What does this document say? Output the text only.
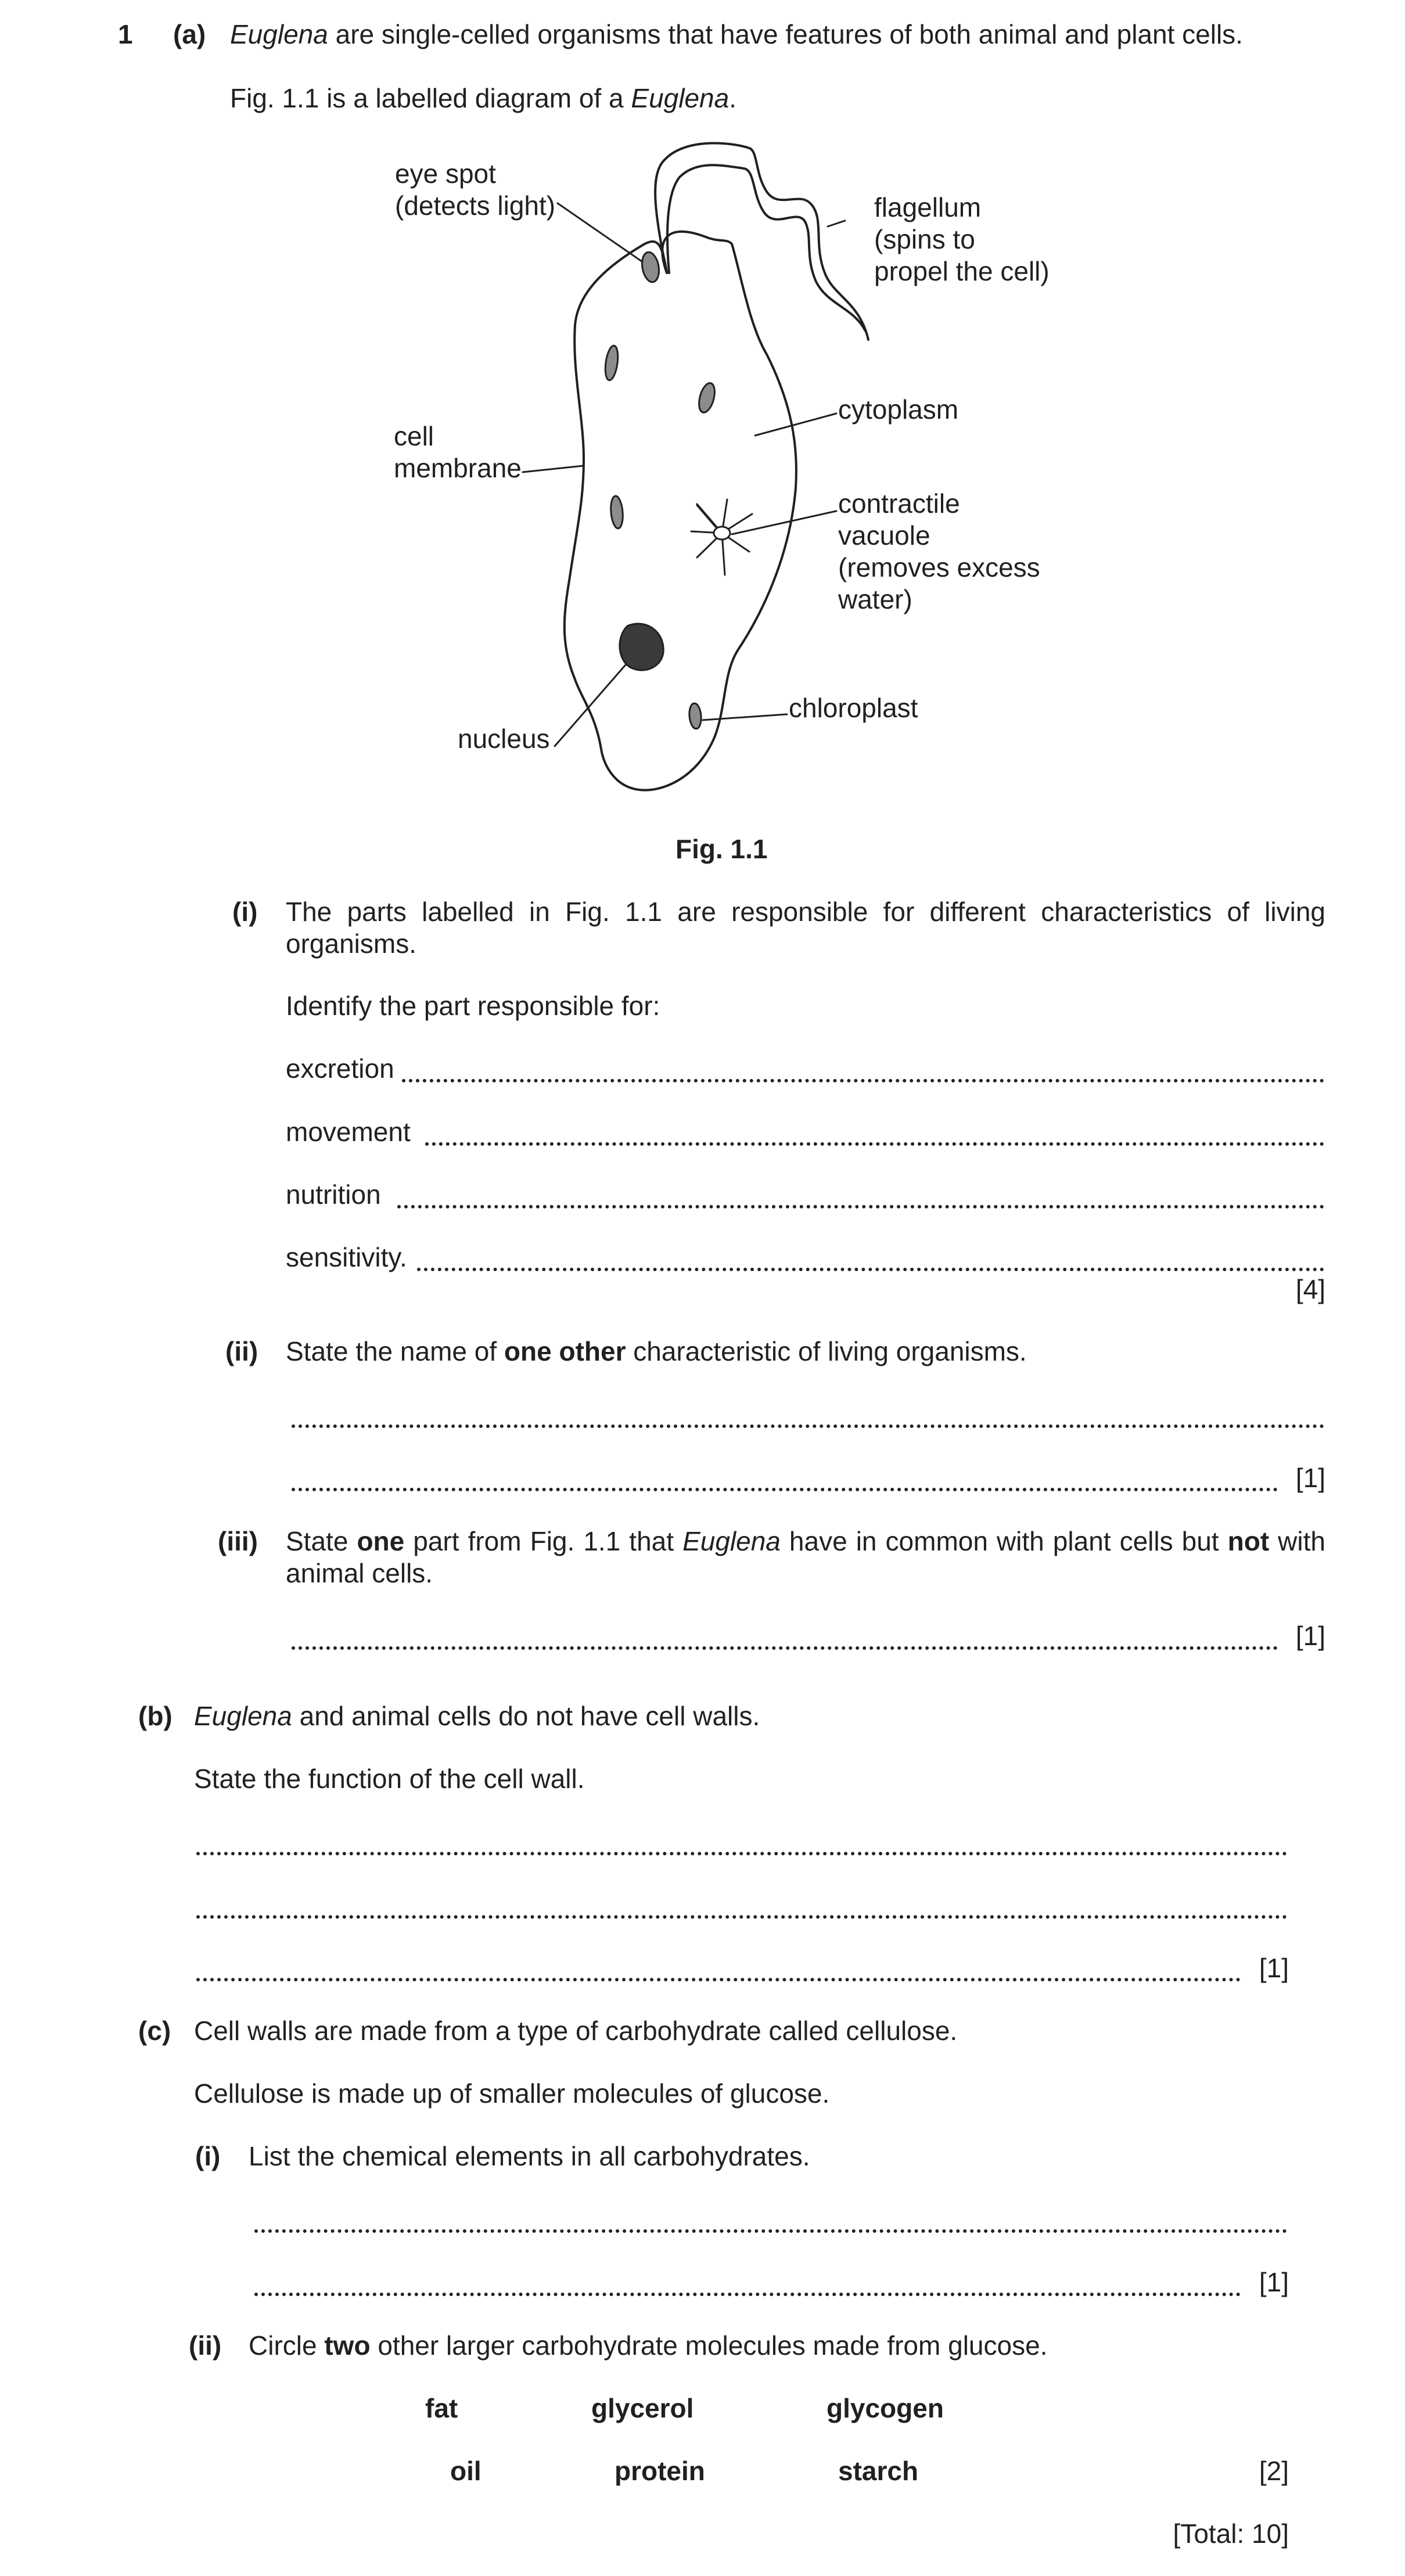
1 (a) Euglena are single-celled organisms that have features of both animal and plant cells.
Fig. 1.1 is a labelled diagram of a Euglena.
eye spot
(detects light)	flagellum
(spins to
propel the cell)
cytoplasm
cell
membrane
contractile
vacuole
(removes excess
water)
chloroplast
nucleus
Fig. 1.1
(i) The parts labelled in Fig. 1.1 are responsible for different characteristics of living organisms.
Identify the part responsible for:
excretion
movement
nutrition
sensitivity.
[4]
(ii) State the name of one other characteristic of living organisms.
[1]
(iii) State one part from Fig. 1.1 that Euglena have in common with plant cells but not with animal cells.
[1]
(b) Euglena and animal cells do not have cell walls.
State the function of the cell wall.
[1]
(c) Cell walls are made from a type of carbohydrate called cellulose.
Cellulose is made up of smaller molecules of glucose.
(i) List the chemical elements in all carbohydrates.
[1]
(ii) Circle two other larger carbohydrate molecules made from glucose.
fat	glycerol	glycogen
oil	protein	starch	[2]
[Total: 10]
